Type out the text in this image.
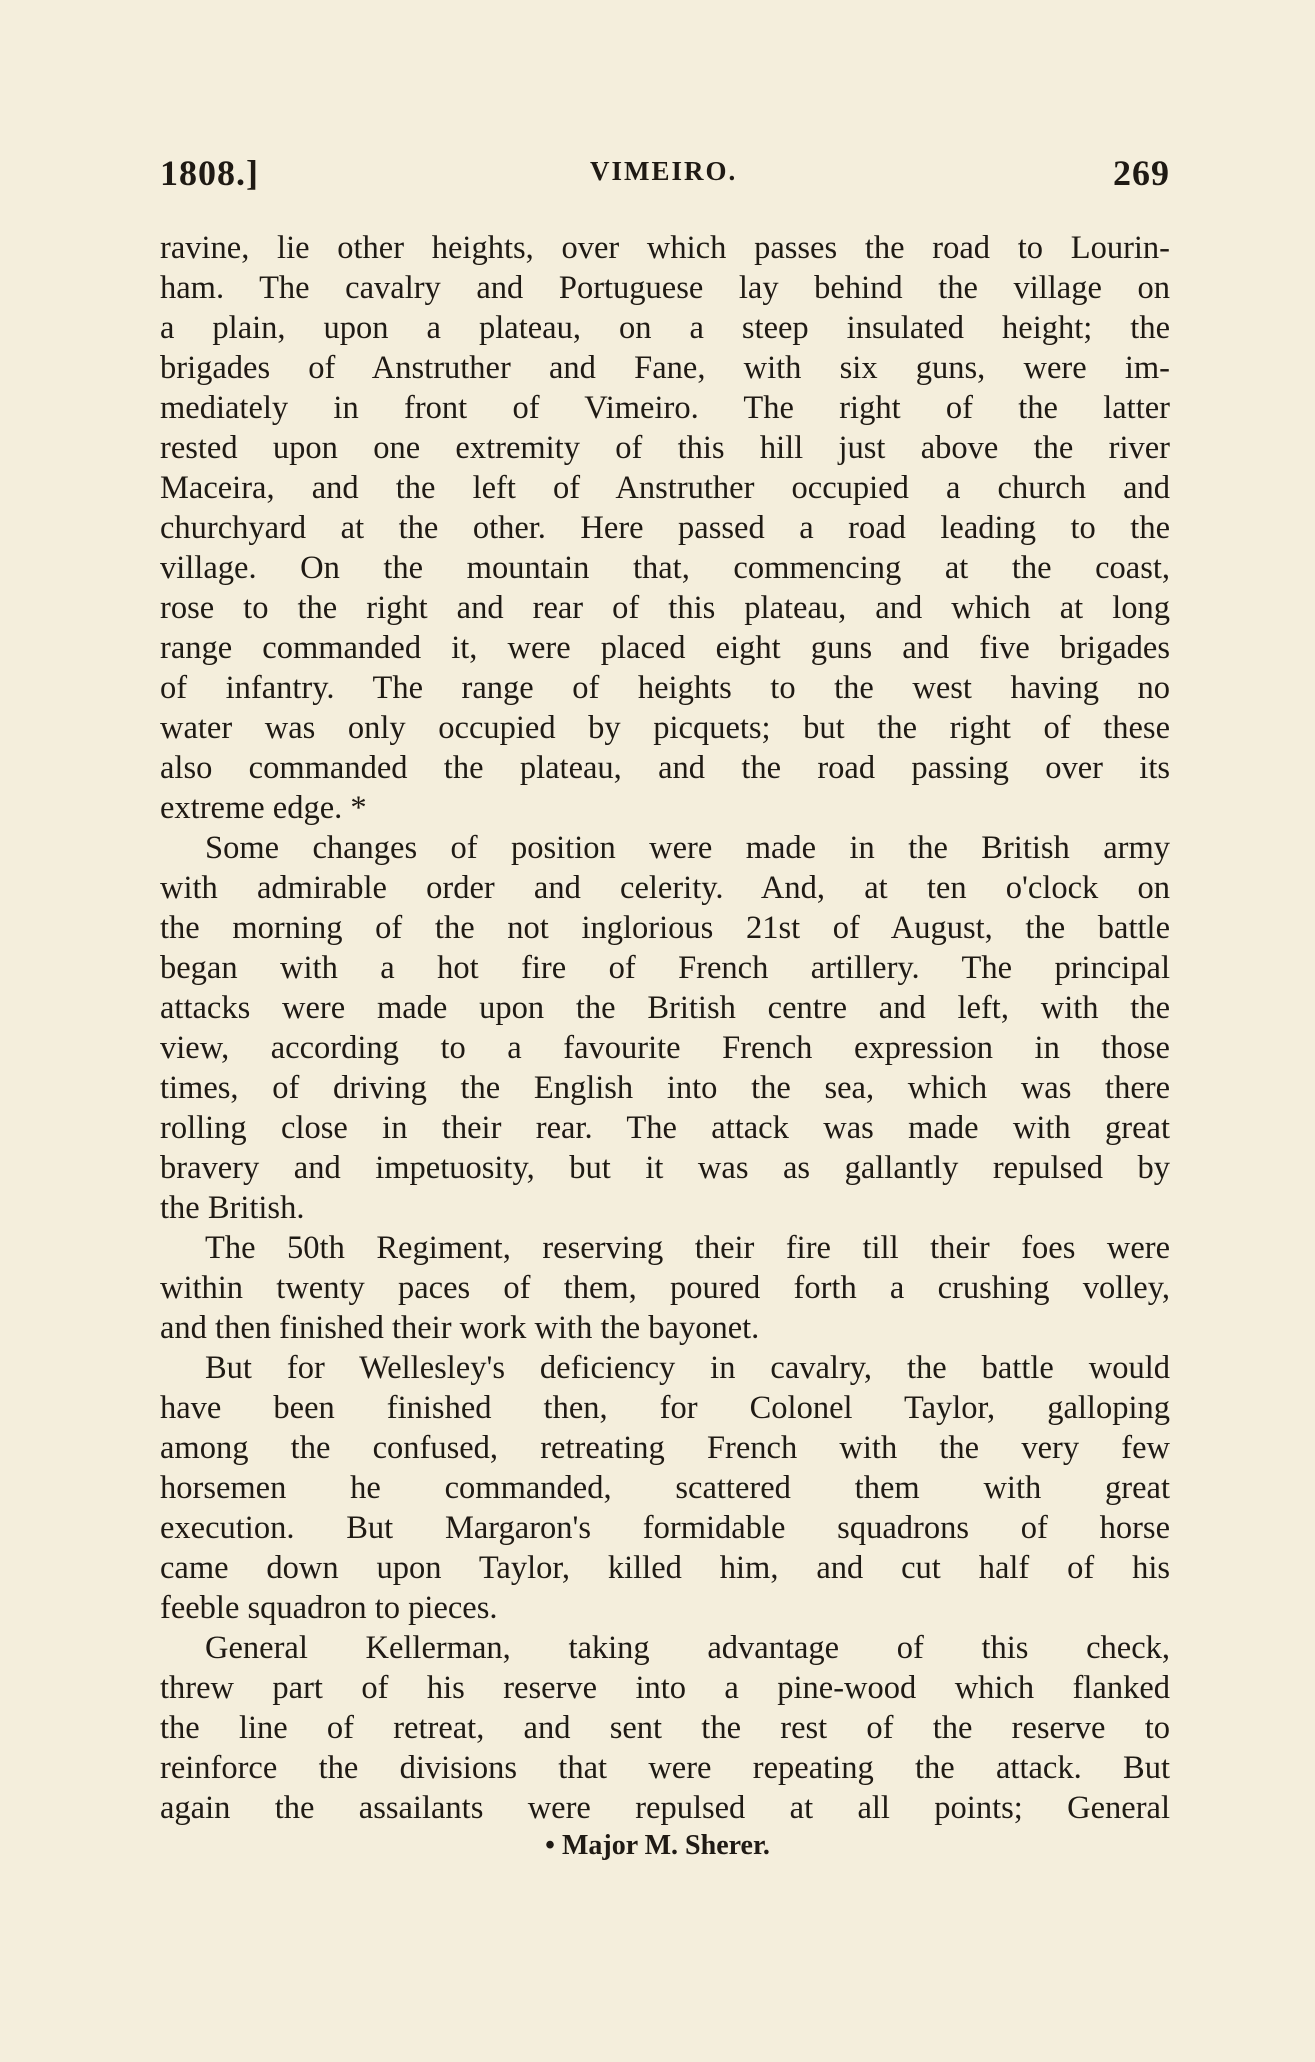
1808.]	VIMEIRO.	269
ravine, lie other heights, over which passes the road to Lourin-
ham. The cavalry and Portuguese lay behind the village on
a plain, upon a plateau, on a steep insulated height; the
brigades of Anstruther and Fane, with six guns, were im-
mediately in front of Vimeiro. The right of the latter
rested upon one extremity of this hill just above the river
Maceira, and the left of Anstruther occupied a church and
churchyard at the other. Here passed a road leading to the
village. On the mountain that, commencing at the coast,
rose to the right and rear of this plateau, and which at long
range commanded it, were placed eight guns and five brigades
of infantry. The range of heights to the west having no
water was only occupied by picquets; but the right of these
also commanded the plateau, and the road passing over its
extreme edge. *
Some changes of position were made in the British army
with admirable order and celerity. And, at ten o'clock on
the morning of the not inglorious 21st of August, the battle
began with a hot fire of French artillery. The principal
attacks were made upon the British centre and left, with the
view, according to a favourite French expression in those
times, of driving the English into the sea, which was there
rolling close in their rear. The attack was made with great
bravery and impetuosity, but it was as gallantly repulsed by
the British.
The 50th Regiment, reserving their fire till their foes were
within twenty paces of them, poured forth a crushing volley,
and then finished their work with the bayonet.
But for Wellesley's deficiency in cavalry, the battle would
have been finished then, for Colonel Taylor, galloping
among the confused, retreating French with the very few
horsemen he commanded, scattered them with great
execution. But Margaron's formidable squadrons of horse
came down upon Taylor, killed him, and cut half of his
feeble squadron to pieces.
General Kellerman, taking advantage of this check,
threw part of his reserve into a pine-wood which flanked
the line of retreat, and sent the rest of the reserve to
reinforce the divisions that were repeating the attack. But
again the assailants were repulsed at all points; General
• Major M. Sherer.
